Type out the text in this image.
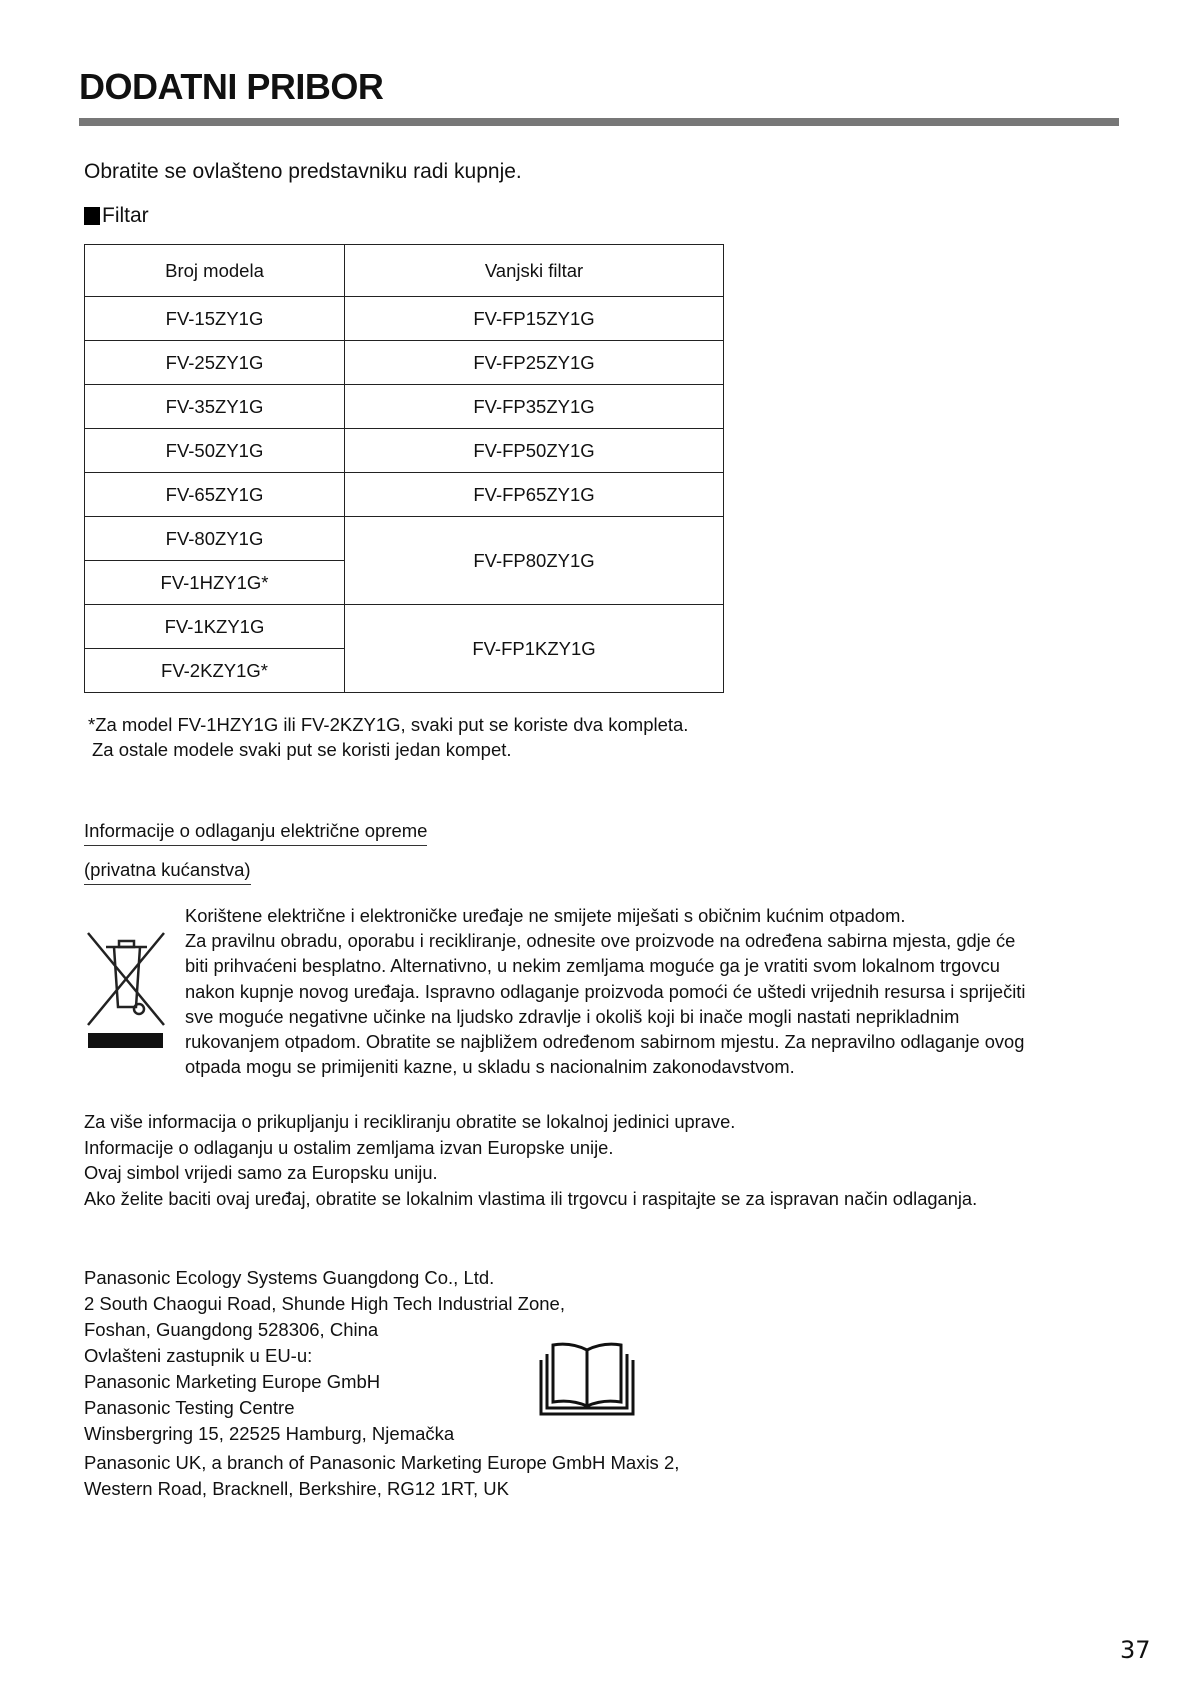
DODATNI PRIBOR
Obratite se ovlašteno predstavniku radi kupnje.
Filtar
Broj modela	Vanjski filtar
FV-15ZY1G	FV-FP15ZY1G
FV-25ZY1G	FV-FP25ZY1G
FV-35ZY1G	FV-FP35ZY1G
FV-50ZY1G	FV-FP50ZY1G
FV-65ZY1G	FV-FP65ZY1G
FV-80ZY1G	FV-FP80ZY1G
FV-1HZY1G*	
FV-1KZY1G	FV-FP1KZY1G
FV-2KZY1G*	
*Za model FV-1HZY1G ili FV-2KZY1G, svaki put se koriste dva kompleta.
Za ostale modele svaki put se koristi jedan kompet.
Informacije o odlaganju električne opreme
(privatna kućanstva)
Korištene električne i elektroničke uređaje ne smijete miješati s običnim kućnim otpadom.
Za pravilnu obradu, oporabu i recikliranje, odnesite ove proizvode na određena sabirna mjesta, gdje će
biti prihvaćeni besplatno. Alternativno, u nekim zemljama moguće ga je vratiti svom lokalnom trgovcu
nakon kupnje novog uređaja. Ispravno odlaganje proizvoda pomoći će uštedi vrijednih resursa i spriječiti
sve moguće negativne učinke na ljudsko zdravlje i okoliš koji bi inače mogli nastati neprikladnim
rukovanjem otpadom. Obratite se najbližem određenom sabirnom mjestu. Za nepravilno odlaganje ovog
otpada mogu se primijeniti kazne, u skladu s nacionalnim zakonodavstvom.
Za više informacija o prikupljanju i recikliranju obratite se lokalnoj jedinici uprave.
Informacije o odlaganju u ostalim zemljama izvan Europske unije.
Ovaj simbol vrijedi samo za Europsku uniju.
Ako želite baciti ovaj uređaj, obratite se lokalnim vlastima ili trgovcu i raspitajte se za ispravan način odlaganja.
Panasonic Ecology Systems Guangdong Co., Ltd.
2 South Chaogui Road, Shunde High Tech Industrial Zone,
Foshan, Guangdong 528306, China
Ovlašteni zastupnik u EU-u:
Panasonic Marketing Europe GmbH
Panasonic Testing Centre
Winsbergring 15, 22525 Hamburg, Njemačka
Panasonic UK, a branch of Panasonic Marketing Europe GmbH Maxis 2,
Western Road, Bracknell, Berkshire, RG12 1RT, UK
37
